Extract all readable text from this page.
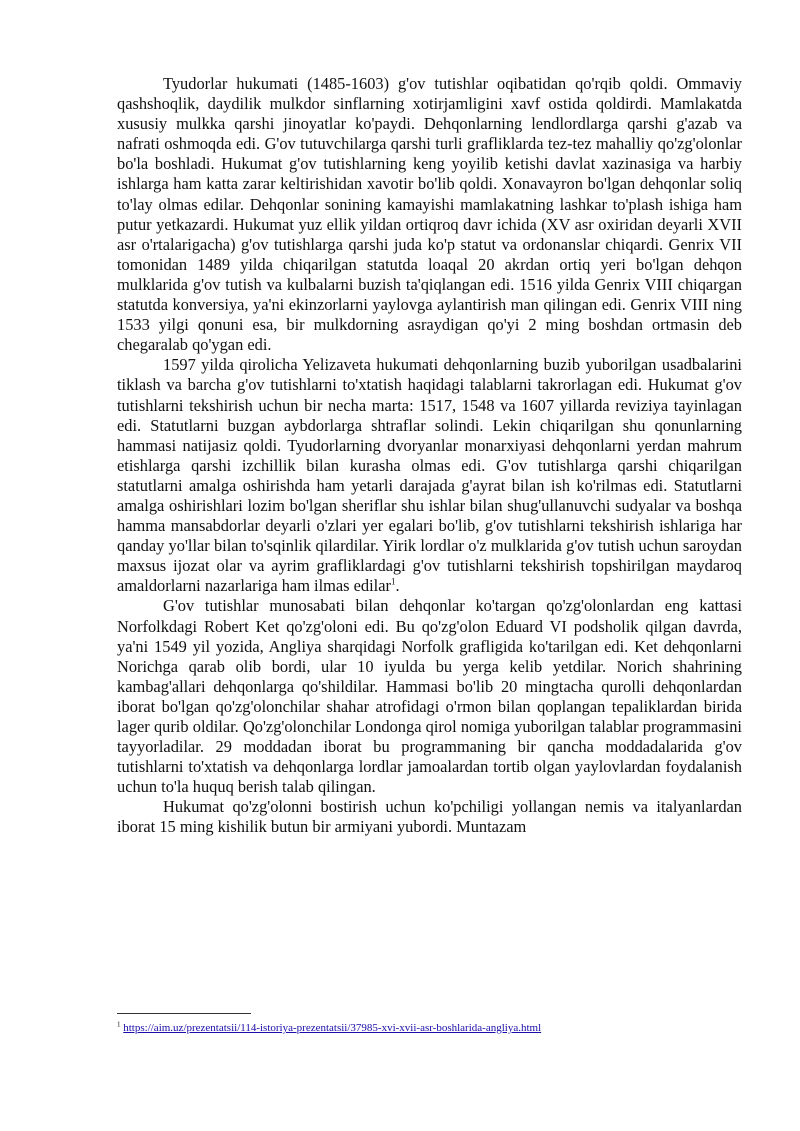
Tyudorlar hukumati (1485-1603) g'ov tutishlar oqibatidan qo'rqib qoldi. Ommaviy qashshoqlik, daydilik mulkdor sinflarning xotirjamligini xavf ostida qoldirdi. Mamlakatda xususiy mulkka qarshi jinoyatlar ko'paydi. Dehqonlarning lendlordlarga qarshi g'azab va nafrati oshmoqda edi. G'ov tutuvchilarga qarshi turli grafliklarda tez-tez mahalliy qo'zg'olonlar bo'la boshladi. Hukumat g'ov tutishlarning keng yoyilib ketishi davlat xazinasiga va harbiy ishlarga ham katta zarar keltirishidan xavotir bo'lib qoldi. Xonavayron bo'lgan dehqonlar soliq to'lay olmas edilar. Dehqonlar sonining kamayishi mamlakatning lashkar to'plash ishiga ham putur yetkazardi. Hukumat yuz ellik yildan ortiqroq davr ichida (XV asr oxiridan deyarli XVII asr o'rtalarigacha) g'ov tutishlarga qarshi juda ko'p statut va ordonanslar chiqardi. Genrix VII tomonidan 1489 yilda chiqarilgan statutda loaqal 20 akrdan ortiq yeri bo'lgan dehqon mulklarida g'ov tutish va kulbalarni buzish ta'qiqlangan edi. 1516 yilda Genrix VIII chiqargan statutda konversiya, ya'ni ekinzorlarni yaylovga aylantirish man qilingan edi. Genrix VIII ning 1533 yilgi qonuni esa, bir mulkdorning asraydigan qo'yi 2 ming boshdan ortmasin deb chegaralab qo'ygan edi.

1597 yilda qirolicha Yelizaveta hukumati dehqonlarning buzib yuborilgan usadbalarini tiklash va barcha g'ov tutishlarni to'xtatish haqidagi talablarni takrorlagan edi. Hukumat g'ov tutishlarni tekshirish uchun bir necha marta: 1517, 1548 va 1607 yillarda reviziya tayinlagan edi. Statutlarni buzgan aybdorlarga shtraflar solindi. Lekin chiqarilgan shu qonunlarning hammasi natijasiz qoldi. Tyudorlarning dvoryanlar monarxiyasi dehqonlarni yerdan mahrum etishlarga qarshi izchillik bilan kurasha olmas edi. G'ov tutishlarga qarshi chiqarilgan statutlarni amalga oshirishda ham yetarli darajada g'ayrat bilan ish ko'rilmas edi. Statutlarni amalga oshirishlari lozim bo'lgan sheriflar shu ishlar bilan shug'ullanuvchi sudyalar va boshqa hamma mansabdorlar deyarli o'zlari yer egalari bo'lib, g'ov tutishlarni tekshirish ishlariga har qanday yo'llar bilan to'sqinlik qilardilar. Yirik lordlar o'z mulklarida g'ov tutish uchun saroydan maxsus ijozat olar va ayrim grafliklardagi g'ov tutishlarni tekshirish topshirilgan maydaroq amaldorlarni nazarlariga ham ilmas edilar$^1$.

G'ov tutishlar munosabati bilan dehqonlar ko'targan qo'zg'olonlardan eng kattasi Norfolkdagi Robert Ket qo'zg'oloni edi. Bu qo'zg'olon Eduard VI podsholik qilgan davrda, ya'ni 1549 yil yozida, Angliya sharqidagi Norfolk grafligida ko'tarilgan edi. Ket dehqonlarni Norichga qarab olib bordi, ular 10 iyulda bu yerga kelib yetdilar. Norich shahrining kambag'allari dehqonlarga qo'shildilar. Hammasi bo'lib 20 mingtacha qurolli dehqonlardan iborat bo'lgan qo'zg'olonchilar shahar atrofidagi o'rmon bilan qoplangan tepaliklardan birida lager qurib oldilar. Qo'zg'olonchilar Londonga qirol nomiga yuborilgan talablar programmasini tayyorladilar. 29 moddadan iborat bu programmaning bir qancha moddadalarida g'ov tutishlarni to'xtatish va dehqonlarga lordlar jamoalardan tortib olgan yaylovlardan foydalanish uchun to'la huquq berish talab qilingan.

Hukumat qo'zg'olonni bostirish uchun ko'pchiligi yollangan nemis va italyanlardan iborat 15 ming kishilik butun bir armiyani yubordi. Muntazam

$^1$ https://aim.uz/prezentatsii/114-istoriya-prezentatsii/37985-xvi-xvii-asr-boshlarida-angliya.html
